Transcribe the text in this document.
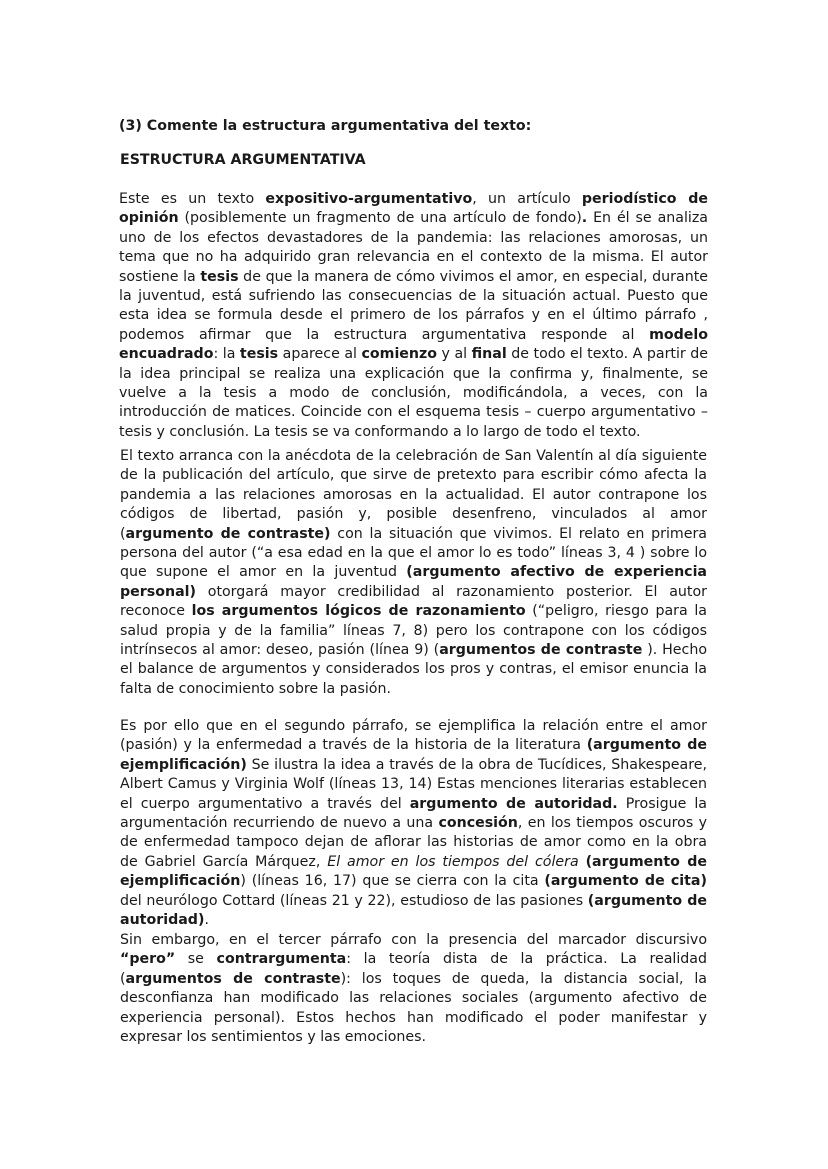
(3) Comente la estructura argumentativa del texto:
ESTRUCTURA ARGUMENTATIVA

Este es un texto expositivo-argumentativo, un artículo periodístico de opinión (posiblemente un fragmento de una artículo de fondo). En él se analiza uno de los efectos devastadores de la pandemia: las relaciones amorosas, un tema que no ha adquirido gran relevancia en el contexto de la misma. El autor sostiene la tesis de que la manera de cómo vivimos el amor, en especial, durante la juventud, está sufriendo las consecuencias de la situación actual. Puesto que esta idea se formula desde el primero de los párrafos y en el último párrafo , podemos afirmar que la estructura argumentativa responde al modelo encuadrado: la tesis aparece al comienzo y al final de todo el texto. A partir de la idea principal se realiza una explicación que la confirma y, finalmente, se vuelve a la tesis a modo de conclusión, modificándola, a veces, con la introducción de matices. Coincide con el esquema tesis – cuerpo argumentativo – tesis y conclusión. La tesis se va conformando a lo largo de todo el texto.

El texto arranca con la anécdota de la celebración de San Valentín al día siguiente de la publicación del artículo, que sirve de pretexto para escribir cómo afecta la pandemia a las relaciones amorosas en la actualidad. El autor contrapone los códigos de libertad, pasión y, posible desenfreno, vinculados al amor (argumento de contraste) con la situación que vivimos. El relato en primera persona del autor (“a esa edad en la que el amor lo es todo” líneas 3, 4 ) sobre lo que supone el amor en la juventud (argumento afectivo de experiencia personal) otorgará mayor credibilidad al razonamiento posterior. El autor reconoce los argumentos lógicos de razonamiento (“peligro, riesgo para la salud propia y de la familia” líneas 7, 8) pero los contrapone con los códigos intrínsecos al amor: deseo, pasión (línea 9) (argumentos de contraste ). Hecho el balance de argumentos y considerados los pros y contras, el emisor enuncia la falta de conocimiento sobre la pasión.

Es por ello que en el segundo párrafo, se ejemplifica la relación entre el amor (pasión) y la enfermedad a través de la historia de la literatura (argumento de ejemplificación) Se ilustra la idea a través de la obra de Tucídices, Shakespeare, Albert Camus y Virginia Wolf (líneas 13, 14) Estas menciones literarias establecen el cuerpo argumentativo a través del argumento de autoridad. Prosigue la argumentación recurriendo de nuevo a una concesión, en los tiempos oscuros y de enfermedad tampoco dejan de aflorar las historias de amor como en la obra de Gabriel García Márquez, El amor en los tiempos del cólera (argumento de ejemplificación) (líneas 16, 17) que se cierra con la cita (argumento de cita) del neurólogo Cottard (líneas 21 y 22), estudioso de las pasiones (argumento de autoridad).

Sin embargo, en el tercer párrafo con la presencia del marcador discursivo “pero” se contrargumenta: la teoría dista de la práctica. La realidad (argumentos de contraste): los toques de queda, la distancia social, la desconfianza han modificado las relaciones sociales (argumento afectivo de experiencia personal). Estos hechos han modificado el poder manifestar y expresar los sentimientos y las emociones.
